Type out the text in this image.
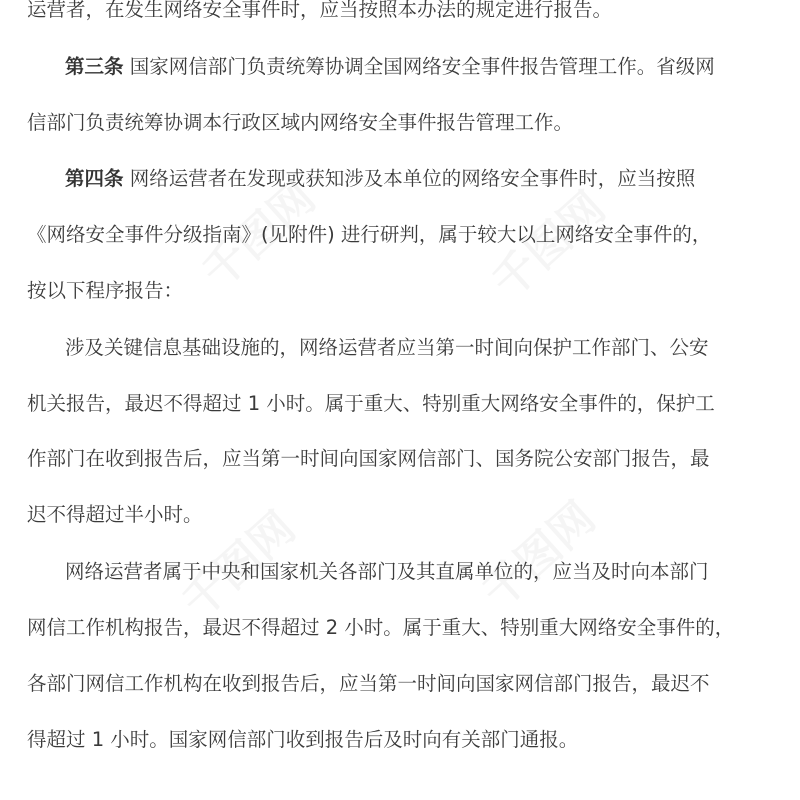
千图网	千图网
千图网	千图网
运营者，在发生网络安全事件时，应当按照本办法的规定进行报告。
第三条 国家网信部门负责统筹协调全国网络安全事件报告管理工作。省级网
信部门负责统筹协调本行政区域内网络安全事件报告管理工作。
第四条 网络运营者在发现或获知涉及本单位的网络安全事件时，应当按照
《网络安全事件分级指南》(见附件) 进行研判，属于较大以上网络安全事件的，
按以下程序报告：
涉及关键信息基础设施的，网络运营者应当第一时间向保护工作部门、公安
机关报告，最迟不得超过 1 小时。属于重大、特别重大网络安全事件的，保护工
作部门在收到报告后，应当第一时间向国家网信部门、国务院公安部门报告，最
迟不得超过半小时。
网络运营者属于中央和国家机关各部门及其直属单位的，应当及时向本部门
网信工作机构报告，最迟不得超过 2 小时。属于重大、特别重大网络安全事件的，
各部门网信工作机构在收到报告后，应当第一时间向国家网信部门报告，最迟不
得超过 1 小时。国家网信部门收到报告后及时向有关部门通报。
